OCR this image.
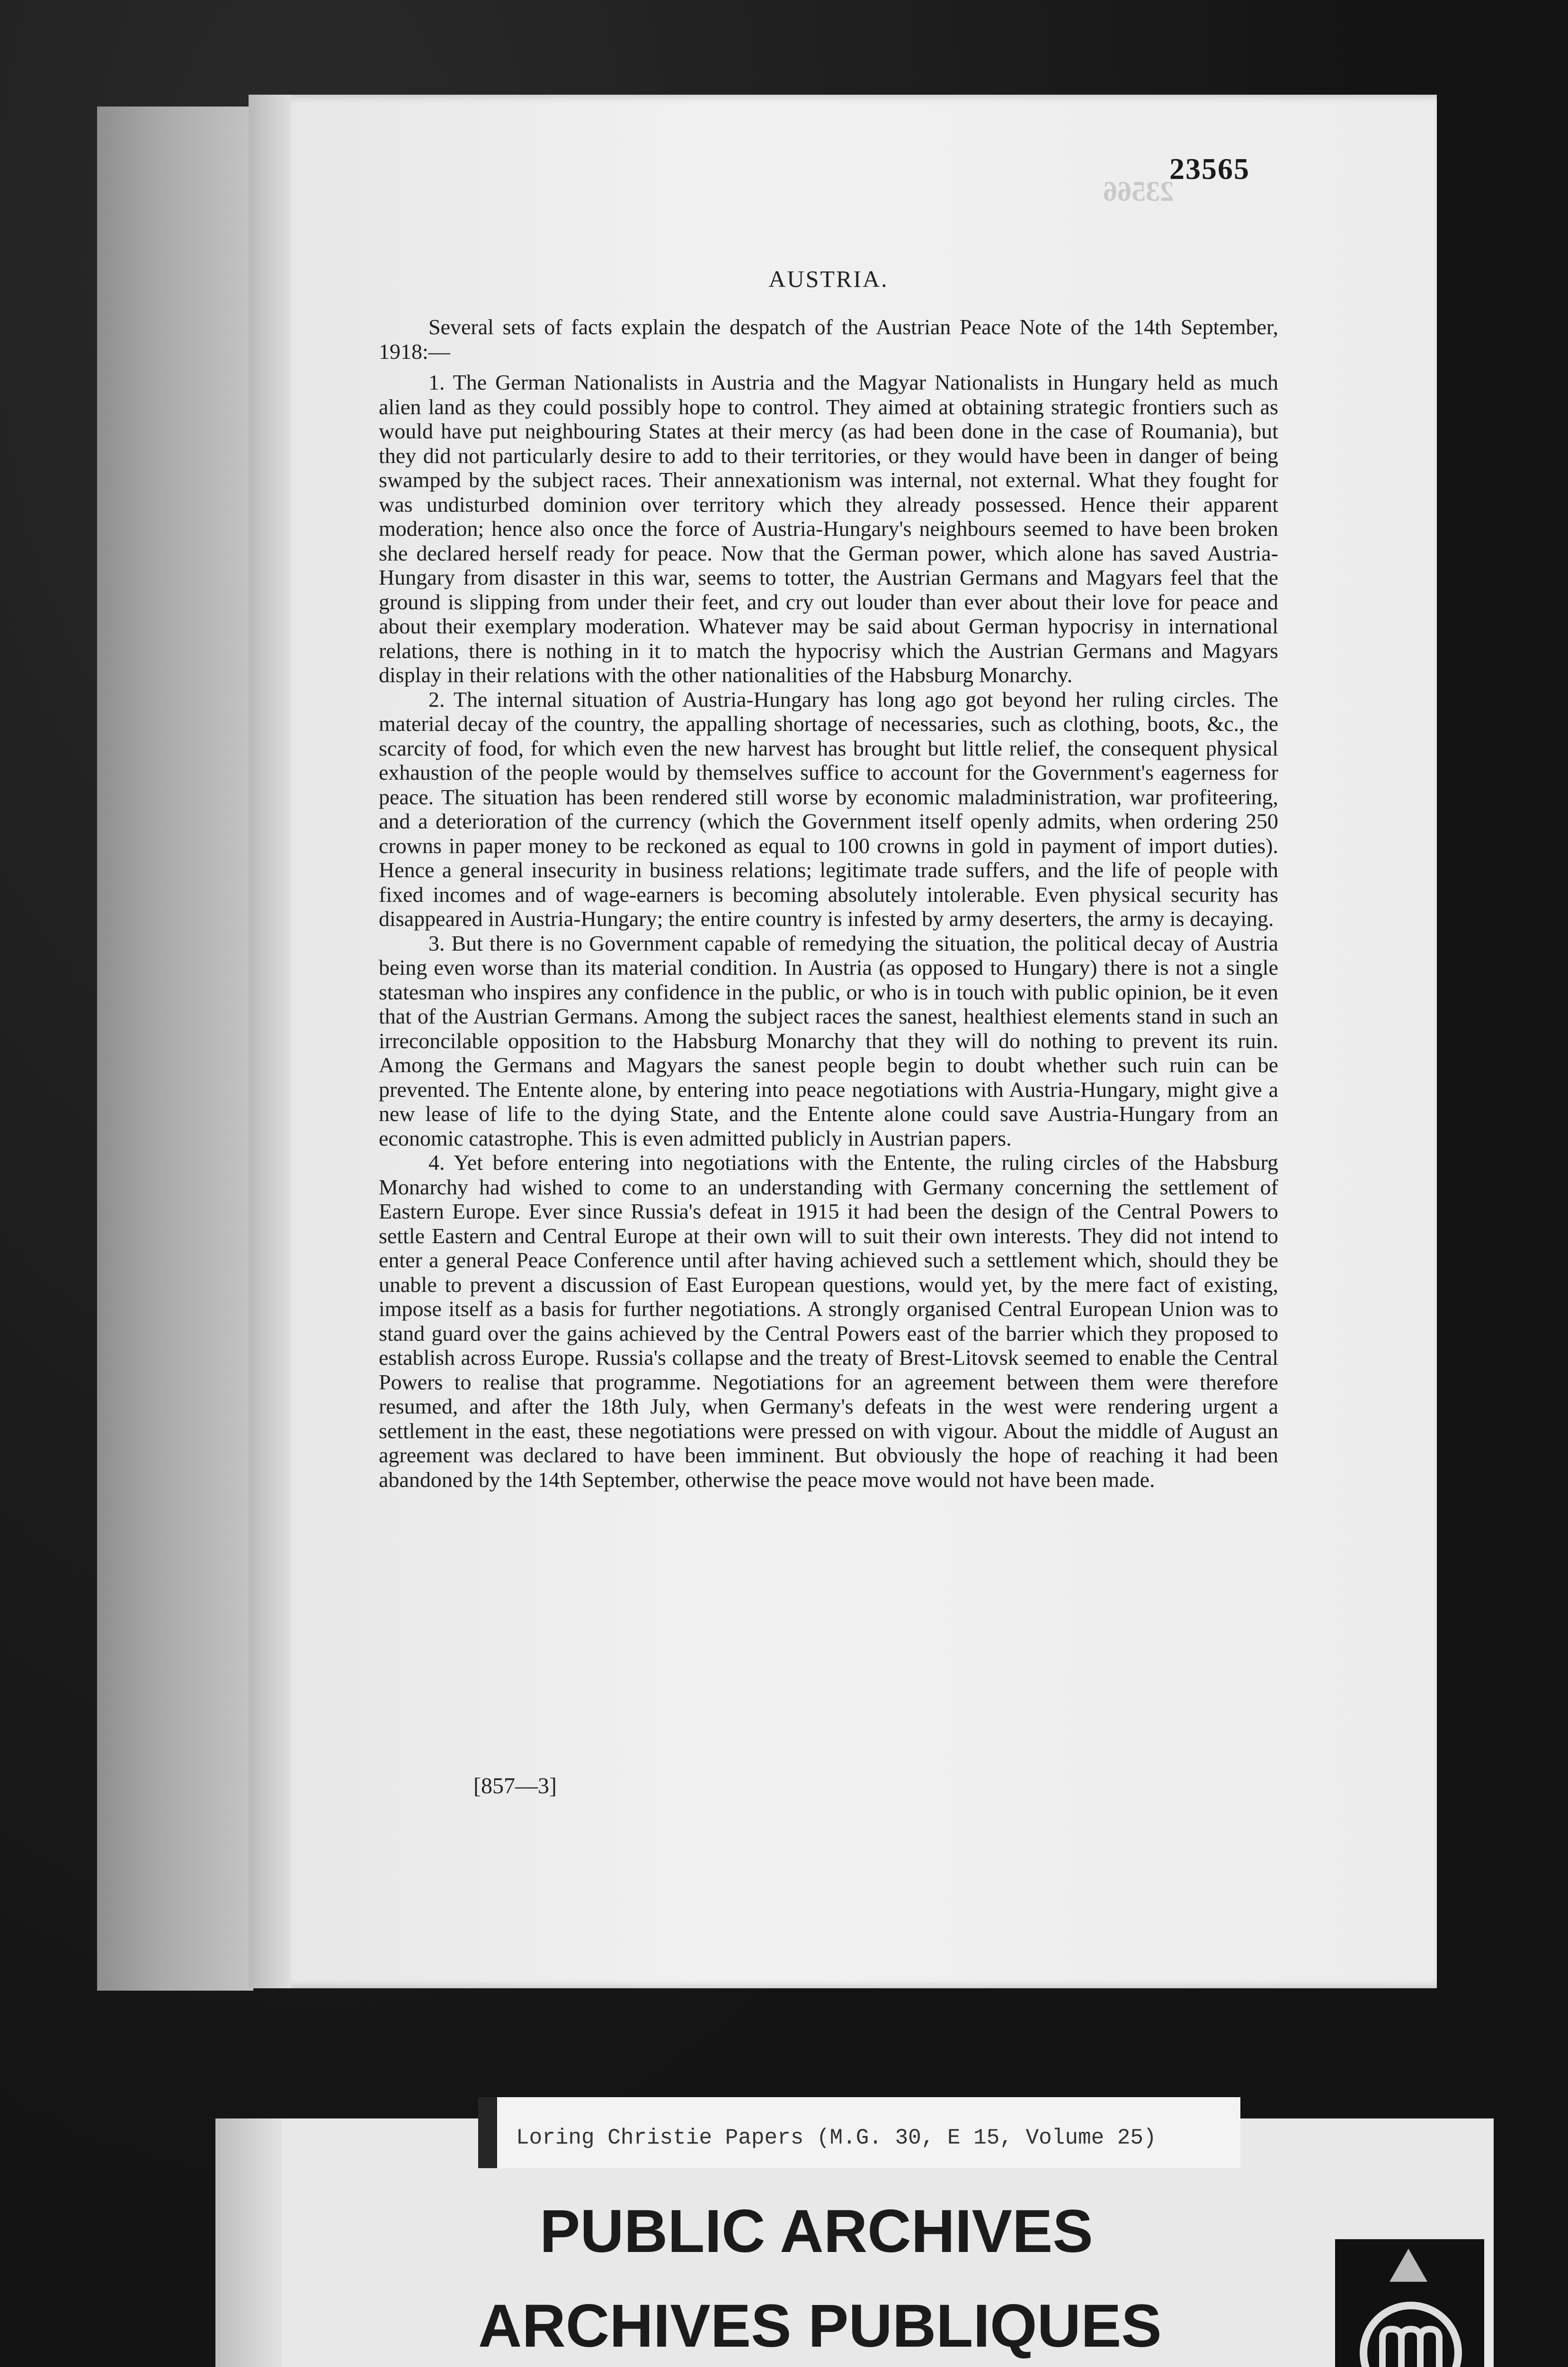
23566
23565
AUSTRIA.

Several sets of facts explain the despatch of the Austrian Peace Note of the 14th September, 1918:—

1. The German Nationalists in Austria and the Magyar Nationalists in Hungary held as much alien land as they could possibly hope to control. They aimed at obtaining strategic frontiers such as would have put neighbouring States at their mercy (as had been done in the case of Roumania), but they did not particularly desire to add to their territories, or they would have been in danger of being swamped by the subject races. Their annexationism was internal, not external. What they fought for was undisturbed dominion over territory which they already possessed. Hence their apparent moderation; hence also once the force of Austria-Hungary's neighbours seemed to have been broken she declared herself ready for peace. Now that the German power, which alone has saved Austria-Hungary from disaster in this war, seems to totter, the Austrian Germans and Magyars feel that the ground is slipping from under their feet, and cry out louder than ever about their love for peace and about their exemplary moderation. Whatever may be said about German hypocrisy in international relations, there is nothing in it to match the hypocrisy which the Austrian Germans and Magyars display in their relations with the other nationalities of the Habsburg Monarchy.

2. The internal situation of Austria-Hungary has long ago got beyond her ruling circles. The material decay of the country, the appalling shortage of necessaries, such as clothing, boots, &c., the scarcity of food, for which even the new harvest has brought but little relief, the consequent physical exhaustion of the people would by themselves suffice to account for the Government's eagerness for peace. The situation has been rendered still worse by economic maladministration, war profiteering, and a deterioration of the currency (which the Government itself openly admits, when ordering 250 crowns in paper money to be reckoned as equal to 100 crowns in gold in payment of import duties). Hence a general insecurity in business relations; legitimate trade suffers, and the life of people with fixed incomes and of wage-earners is becoming absolutely intolerable. Even physical security has disappeared in Austria-Hungary; the entire country is infested by army deserters, the army is decaying.

3. But there is no Government capable of remedying the situation, the political decay of Austria being even worse than its material condition. In Austria (as opposed to Hungary) there is not a single statesman who inspires any confidence in the public, or who is in touch with public opinion, be it even that of the Austrian Germans. Among the subject races the sanest, healthiest elements stand in such an irreconcilable opposition to the Habsburg Monarchy that they will do nothing to prevent its ruin. Among the Germans and Magyars the sanest people begin to doubt whether such ruin can be prevented. The Entente alone, by entering into peace negotiations with Austria-Hungary, might give a new lease of life to the dying State, and the Entente alone could save Austria-Hungary from an economic catastrophe. This is even admitted publicly in Austrian papers.

4. Yet before entering into negotiations with the Entente, the ruling circles of the Habsburg Monarchy had wished to come to an understanding with Germany concerning the settlement of Eastern Europe. Ever since Russia's defeat in 1915 it had been the design of the Central Powers to settle Eastern and Central Europe at their own will to suit their own interests. They did not intend to enter a general Peace Conference until after having achieved such a settlement which, should they be unable to prevent a discussion of East European questions, would yet, by the mere fact of existing, impose itself as a basis for further negotiations. A strongly organised Central European Union was to stand guard over the gains achieved by the Central Powers east of the barrier which they proposed to establish across Europe. Russia's collapse and the treaty of Brest-Litovsk seemed to enable the Central Powers to realise that programme. Negotiations for an agreement between them were therefore resumed, and after the 18th July, when Germany's defeats in the west were rendering urgent a settlement in the east, these negotiations were pressed on with vigour. About the middle of August an agreement was declared to have been imminent. But obviously the hope of reaching it had been abandoned by the 14th September, otherwise the peace move would not have been made.

[857—3]
Loring Christie Papers (M.G. 30, E 15, Volume 25)
PUBLIC ARCHIVES
ARCHIVES PUBLIQUES
